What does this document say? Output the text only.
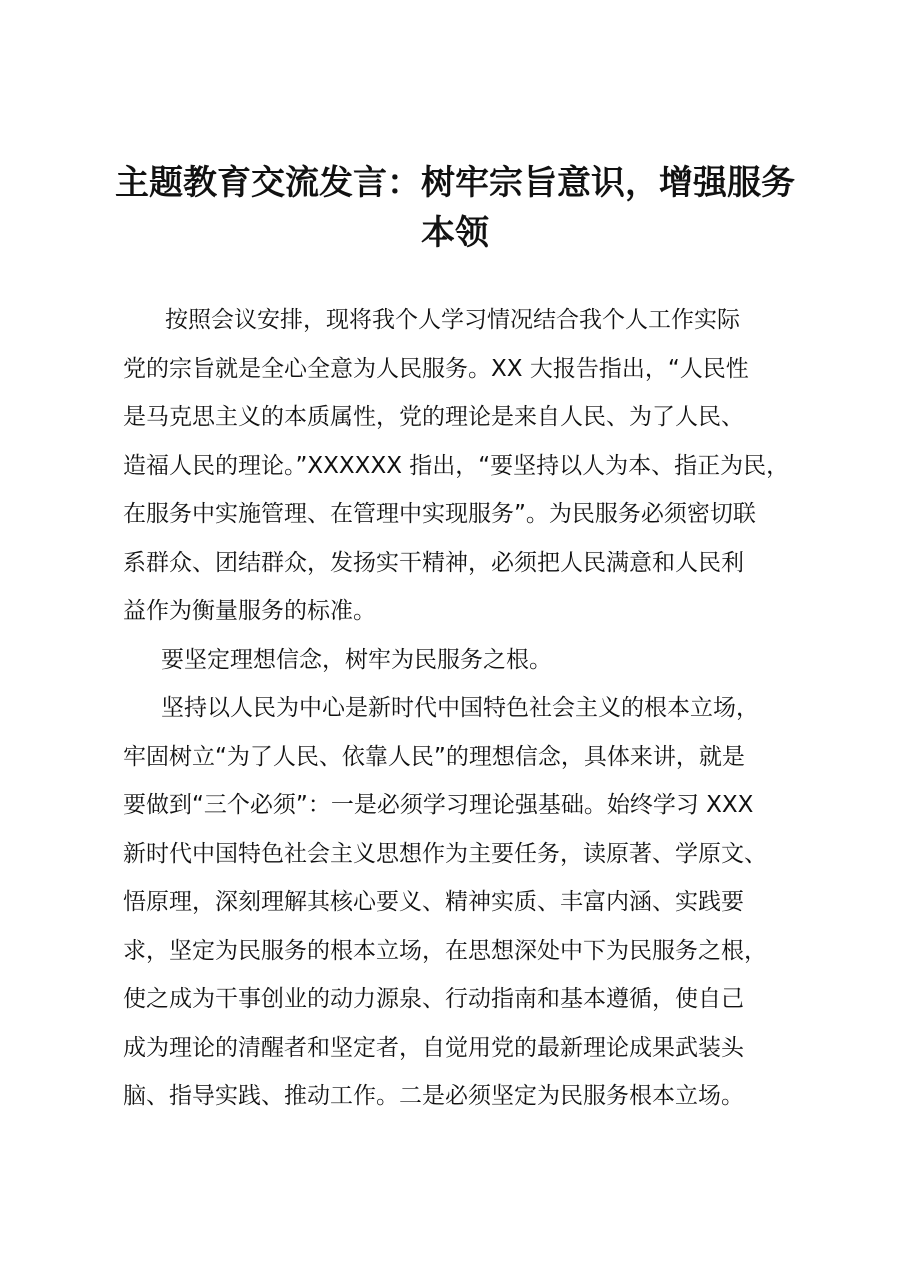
主题教育交流发言：树牢宗旨意识，增强服务
本领
按照会议安排，现将我个人学习情况结合我个人工作实际
党的宗旨就是全心全意为人民服务。XX 大报告指出，“人民性
是马克思主义的本质属性，党的理论是来自人民、为了人民、
造福人民的理论。”XXXXXX 指出，“要坚持以人为本、指正为民，
在服务中实施管理、在管理中实现服务”。为民服务必须密切联
系群众、团结群众，发扬实干精神，必须把人民满意和人民利
益作为衡量服务的标准。
要坚定理想信念，树牢为民服务之根。
坚持以人民为中心是新时代中国特色社会主义的根本立场，
牢固树立“为了人民、依靠人民”的理想信念，具体来讲，就是
要做到“三个必须”：一是必须学习理论强基础。始终学习 XXX
新时代中国特色社会主义思想作为主要任务，读原著、学原文、
悟原理，深刻理解其核心要义、精神实质、丰富内涵、实践要
求，坚定为民服务的根本立场，在思想深处中下为民服务之根，
使之成为干事创业的动力源泉、行动指南和基本遵循，使自己
成为理论的清醒者和坚定者，自觉用党的最新理论成果武装头
脑、指导实践、推动工作。二是必须坚定为民服务根本立场。
